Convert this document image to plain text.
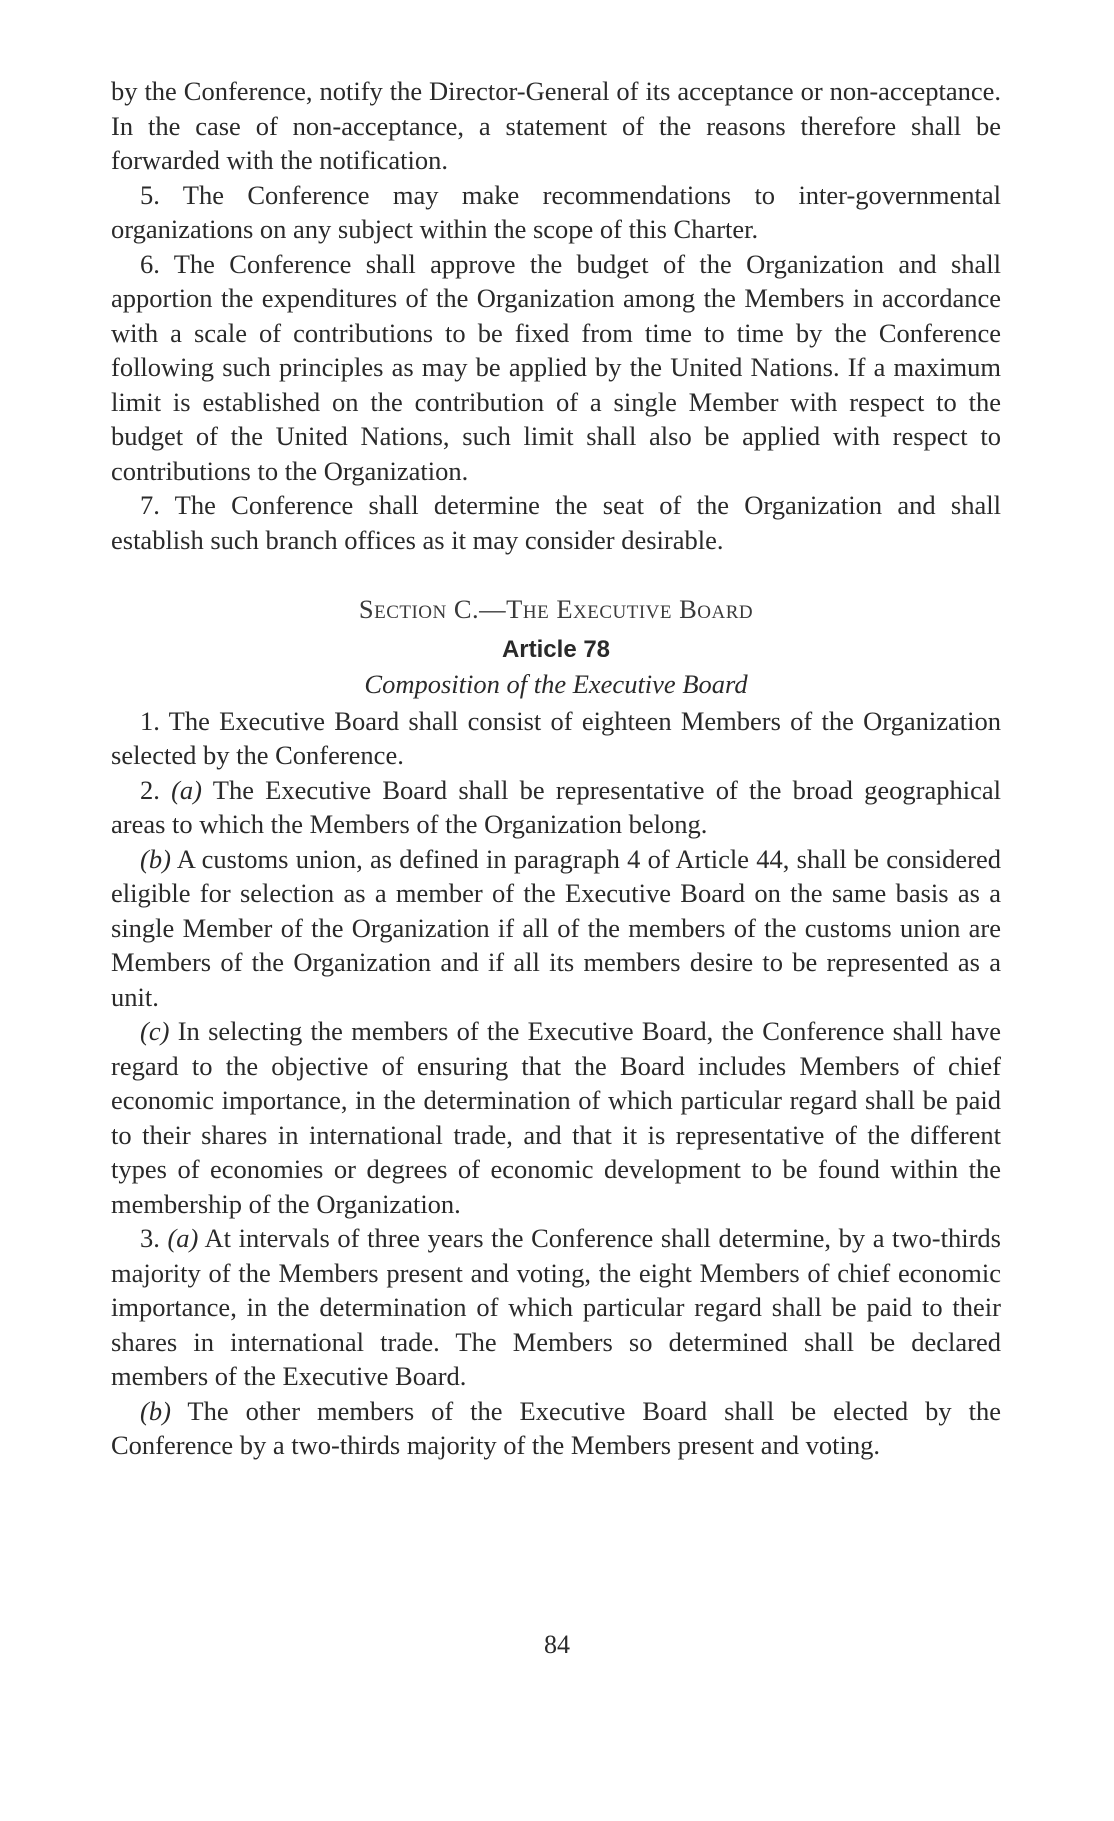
by the Conference, notify the Director-General of its acceptance or non-acceptance. In the case of non-acceptance, a statement of the reasons therefore shall be forwarded with the notification.

5. The Conference may make recommendations to inter-governmental organizations on any subject within the scope of this Charter.

6. The Conference shall approve the budget of the Organization and shall apportion the expenditures of the Organization among the Members in accordance with a scale of contributions to be fixed from time to time by the Conference following such principles as may be applied by the United Nations. If a maximum limit is established on the contribution of a single Member with respect to the budget of the United Nations, such limit shall also be applied with respect to contributions to the Organization.

7. The Conference shall determine the seat of the Organization and shall establish such branch offices as it may consider desirable.

Section C.—The Executive Board

Article 78

Composition of the Executive Board

1. The Executive Board shall consist of eighteen Members of the Organization selected by the Conference.

2. (a) The Executive Board shall be representative of the broad geographical areas to which the Members of the Organization belong.

(b) A customs union, as defined in paragraph 4 of Article 44, shall be considered eligible for selection as a member of the Executive Board on the same basis as a single Member of the Organization if all of the members of the customs union are Members of the Organization and if all its members desire to be represented as a unit.

(c) In selecting the members of the Executive Board, the Conference shall have regard to the objective of ensuring that the Board includes Members of chief economic importance, in the determination of which particular regard shall be paid to their shares in international trade, and that it is representative of the different types of economies or degrees of economic development to be found within the membership of the Organization.

3. (a) At intervals of three years the Conference shall determine, by a two-thirds majority of the Members present and voting, the eight Members of chief economic importance, in the determination of which particular regard shall be paid to their shares in international trade. The Members so determined shall be declared members of the Executive Board.

(b) The other members of the Executive Board shall be elected by the Conference by a two-thirds majority of the Members present and voting.

84
